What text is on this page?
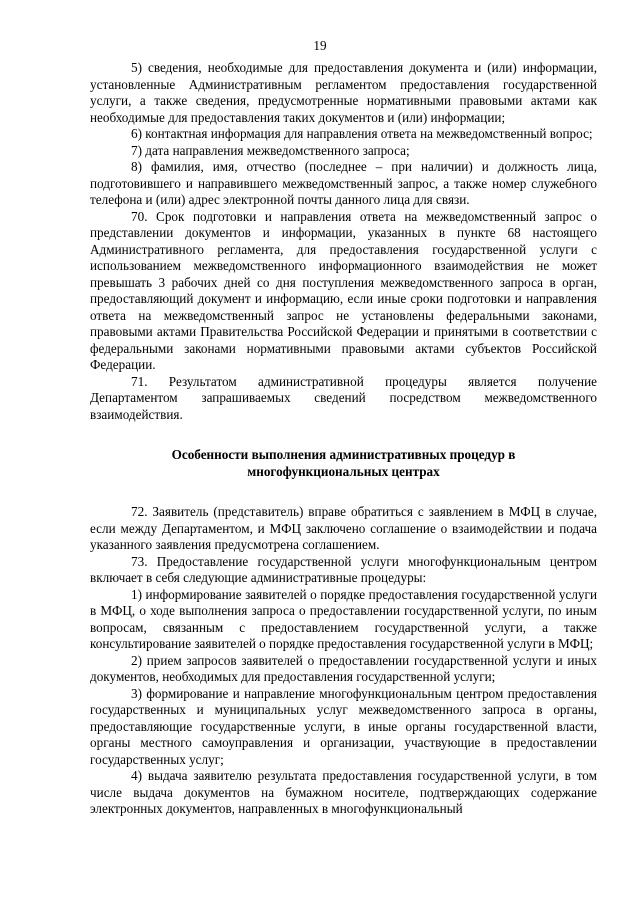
19

5) сведения, необходимые для предоставления документа и (или) информации, установленные Административным регламентом предоставления государственной услуги, а также сведения, предусмотренные нормативными правовыми актами как необходимые для предоставления таких документов и (или) информации;

6) контактная информация для направления ответа на межведомственный вопрос;

7) дата направления межведомственного запроса;

8) фамилия, имя, отчество (последнее – при наличии) и должность лица, подготовившего и направившего межведомственный запрос, а также номер служебного телефона и (или) адрес электронной почты данного лица для связи.

70. Срок подготовки и направления ответа на межведомственный запрос о представлении документов и информации, указанных в пункте 68 настоящего Административного регламента, для предоставления государственной услуги с использованием межведомственного информационного взаимодействия не может превышать 3 рабочих дней со дня поступления межведомственного запроса в орган, предоставляющий документ и информацию, если иные сроки подготовки и направления ответа на межведомственный запрос не установлены федеральными законами, правовыми актами Правительства Российской Федерации и принятыми в соответствии с федеральными законами нормативными правовыми актами субъектов Российской Федерации.

71. Результатом административной процедуры является получение Департаментом запрашиваемых сведений посредством межведомственного взаимодействия.

Особенности выполнения административных процедур в многофункциональных центрах

72. Заявитель (представитель) вправе обратиться с заявлением в МФЦ в случае, если между Департаментом, и МФЦ заключено соглашение о взаимодействии и подача указанного заявления предусмотрена соглашением.

73. Предоставление государственной услуги многофункциональным центром включает в себя следующие административные процедуры:

1) информирование заявителей о порядке предоставления государственной услуги в МФЦ, о ходе выполнения запроса о предоставлении государственной услуги, по иным вопросам, связанным с предоставлением государственной услуги, а также консультирование заявителей о порядке предоставления государственной услуги в МФЦ;

2) прием запросов заявителей о предоставлении государственной услуги и иных документов, необходимых для предоставления государственной услуги;

3) формирование и направление многофункциональным центром предоставления государственных и муниципальных услуг межведомственного запроса в органы, предоставляющие государственные услуги, в иные органы государственной власти, органы местного самоуправления и организации, участвующие в предоставлении государственных услуг;

4) выдача заявителю результата предоставления государственной услуги, в том числе выдача документов на бумажном носителе, подтверждающих содержание электронных документов, направленных в многофункциональный
